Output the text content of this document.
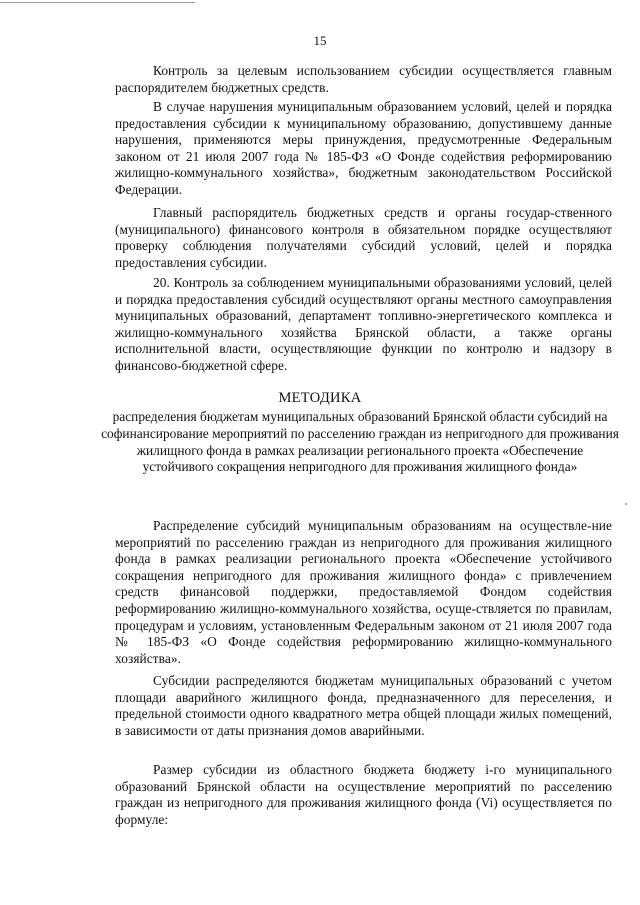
15

Контроль за целевым использованием субсидии осуществляется главным распорядителем бюджетных средств.

В случае нарушения муниципальным образованием условий, целей и порядка предоставления субсидии к муниципальному образованию, допустившему данные нарушения, применяются меры принуждения, предусмотренные Федеральным законом от 21 июля 2007 года № 185-ФЗ «О Фонде содействия реформированию жилищно-коммунального хозяйства», бюджетным законодательством Российской Федерации.

Главный распорядитель бюджетных средств и органы государ-ственного (муниципального) финансового контроля в обязательном порядке осуществляют проверку соблюдения получателями субсидий условий, целей и порядка предоставления субсидии.

20. Контроль за соблюдением муниципальными образованиями условий, целей и порядка предоставления субсидий осуществляют органы местного самоуправления муниципальных образований, департамент топливно-энергетического комплекса и жилищно-коммунального хозяйства Брянской области, а также органы исполнительной власти, осуществляющие функции по контролю и надзору в финансово-бюджетной сфере.

МЕТОДИКА

распределения бюджетам муниципальных образований Брянской области субсидий на софинансирование мероприятий по расселению граждан из непригодного для проживания жилищного фонда в рамках реализации регионального проекта «Обеспечение устойчивого сокращения непригодного для проживания жилищного фонда»

Распределение субсидий муниципальным образованиям на осуществле-ние мероприятий по расселению граждан из непригодного для проживания жилищного фонда в рамках реализации регионального проекта «Обеспечение устойчивого сокращения непригодного для проживания жилищного фонда» с привлечением средств финансовой поддержки, предоставляемой Фондом содействия реформированию жилищно-коммунального хозяйства, осуще-ствляется по правилам, процедурам и условиям, установленным Федеральным законом от 21 июля 2007 года № 185-ФЗ «О Фонде содействия реформированию жилищно-коммунального хозяйства».

Субсидии распределяются бюджетам муниципальных образований с учетом площади аварийного жилищного фонда, предназначенного для переселения, и предельной стоимости одного квадратного метра общей площади жилых помещений, в зависимости от даты признания домов аварийными.

Размер субсидии из областного бюджета бюджету i-го муниципального образований Брянской области на осуществление мероприятий по расселению граждан из непригодного для проживания жилищного фонда (Vi) осуществляется по формуле:
